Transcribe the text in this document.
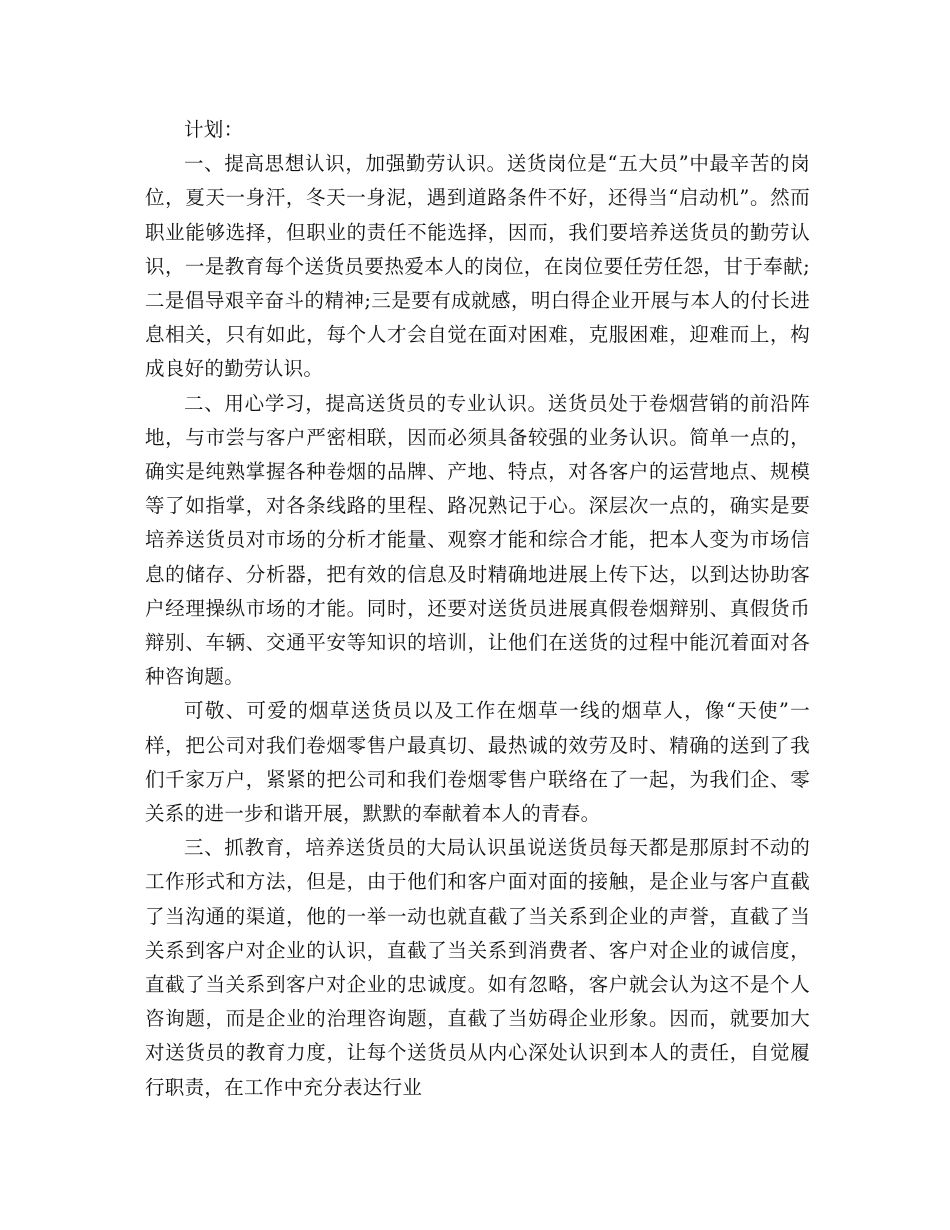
计划：

一、提高思想认识，加强勤劳认识。送货岗位是“五大员”中最辛苦的岗位，夏天一身汗，冬天一身泥，遇到道路条件不好，还得当“启动机”。然而职业能够选择，但职业的责任不能选择，因而，我们要培养送货员的勤劳认识，一是教育每个送货员要热爱本人的岗位，在岗位要任劳任怨，甘于奉献;二是倡导艰辛奋斗的精神;三是要有成就感，明白得企业开展与本人的付长进息相关，只有如此，每个人才会自觉在面对困难，克服困难，迎难而上，构成良好的勤劳认识。

二、用心学习，提高送货员的专业认识。送货员处于卷烟营销的前沿阵地，与市尝与客户严密相联，因而必须具备较强的业务认识。简单一点的，确实是纯熟掌握各种卷烟的品牌、产地、特点，对各客户的运营地点、规模等了如指掌，对各条线路的里程、路况熟记于心。深层次一点的，确实是要培养送货员对市场的分析才能量、观察才能和综合才能，把本人变为市场信息的储存、分析器，把有效的信息及时精确地进展上传下达，以到达协助客户经理操纵市场的才能。同时，还要对送货员进展真假卷烟辩别、真假货币辩别、车辆、交通平安等知识的培训，让他们在送货的过程中能沉着面对各种咨询题。

可敬、可爱的烟草送货员以及工作在烟草一线的烟草人，像“天使”一样，把公司对我们卷烟零售户最真切、最热诚的效劳及时、精确的送到了我们千家万户，紧紧的把公司和我们卷烟零售户联络在了一起，为我们企、零关系的进一步和谐开展，默默的奉献着本人的青春。

三、抓教育，培养送货员的大局认识虽说送货员每天都是那原封不动的工作形式和方法，但是，由于他们和客户面对面的接触，是企业与客户直截了当沟通的渠道，他的一举一动也就直截了当关系到企业的声誉，直截了当关系到客户对企业的认识，直截了当关系到消费者、客户对企业的诚信度，直截了当关系到客户对企业的忠诚度。如有忽略，客户就会认为这不是个人咨询题，而是企业的治理咨询题，直截了当妨碍企业形象。因而，就要加大对送货员的教育力度，让每个送货员从内心深处认识到本人的责任，自觉履行职责，在工作中充分表达行业
